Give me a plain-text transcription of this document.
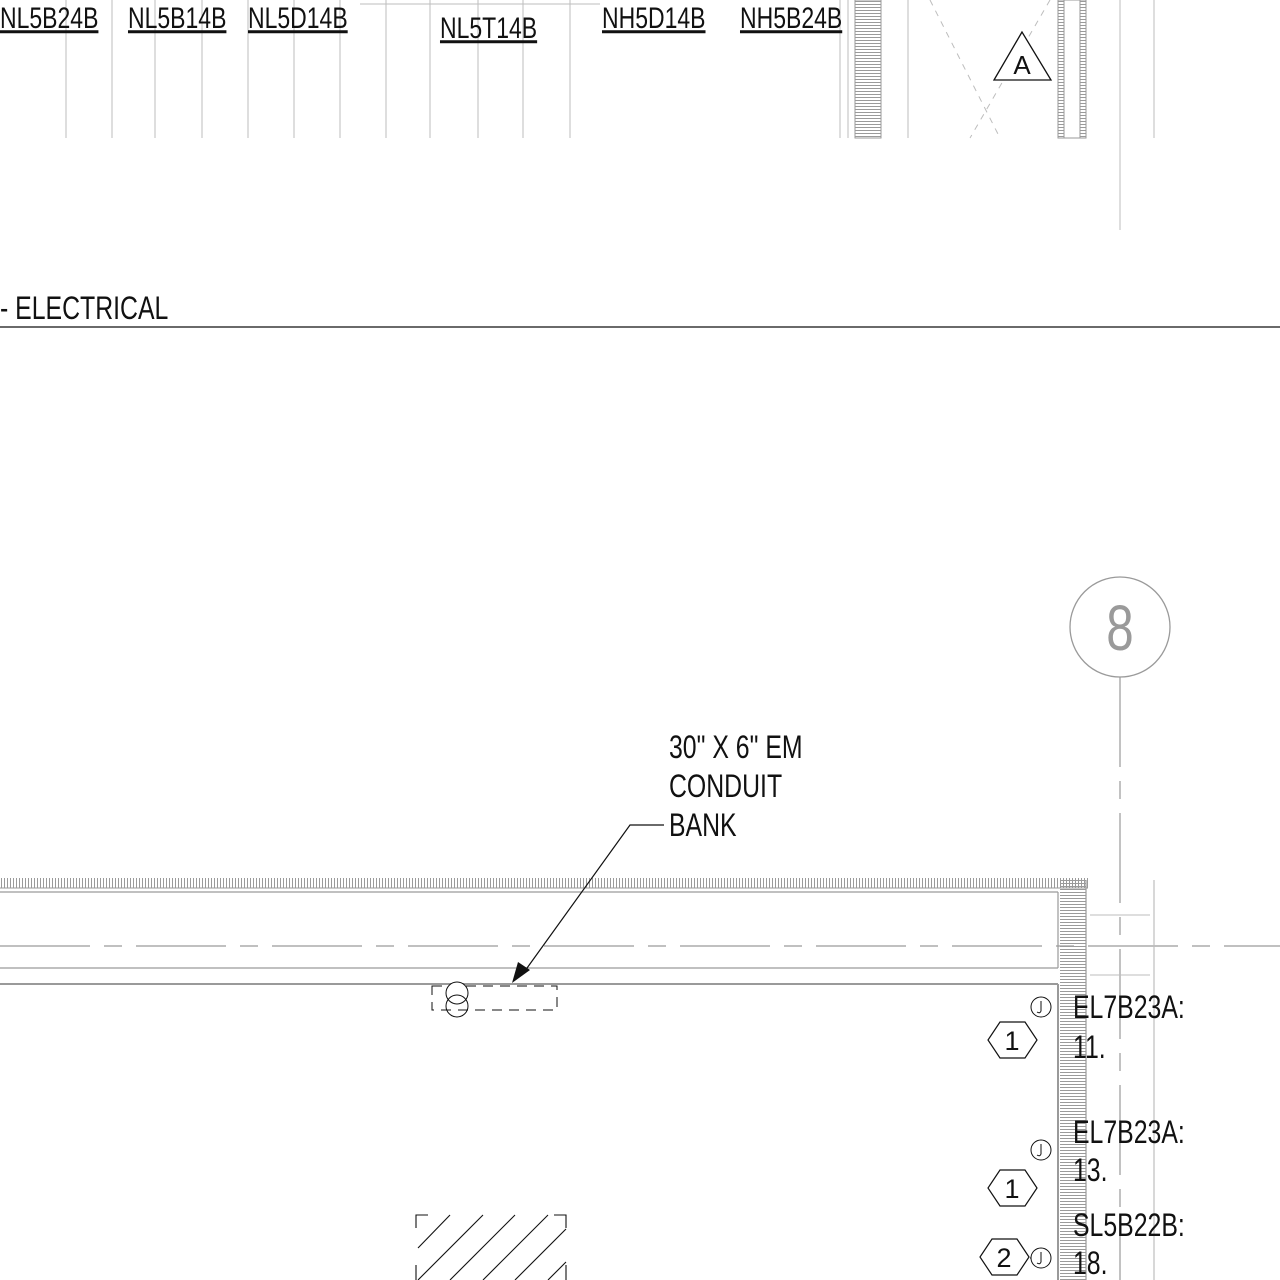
NL5B24B NL5B14B NL5D14B	NL5T14B	NH5D14B NH5B24B
A
- ELECTRICAL
8
30" X 6" EM
CONDUIT
BANK
1
EL7B23A:
11.
1
EL7B23A:
13.
2
SL5B22B:
18.
